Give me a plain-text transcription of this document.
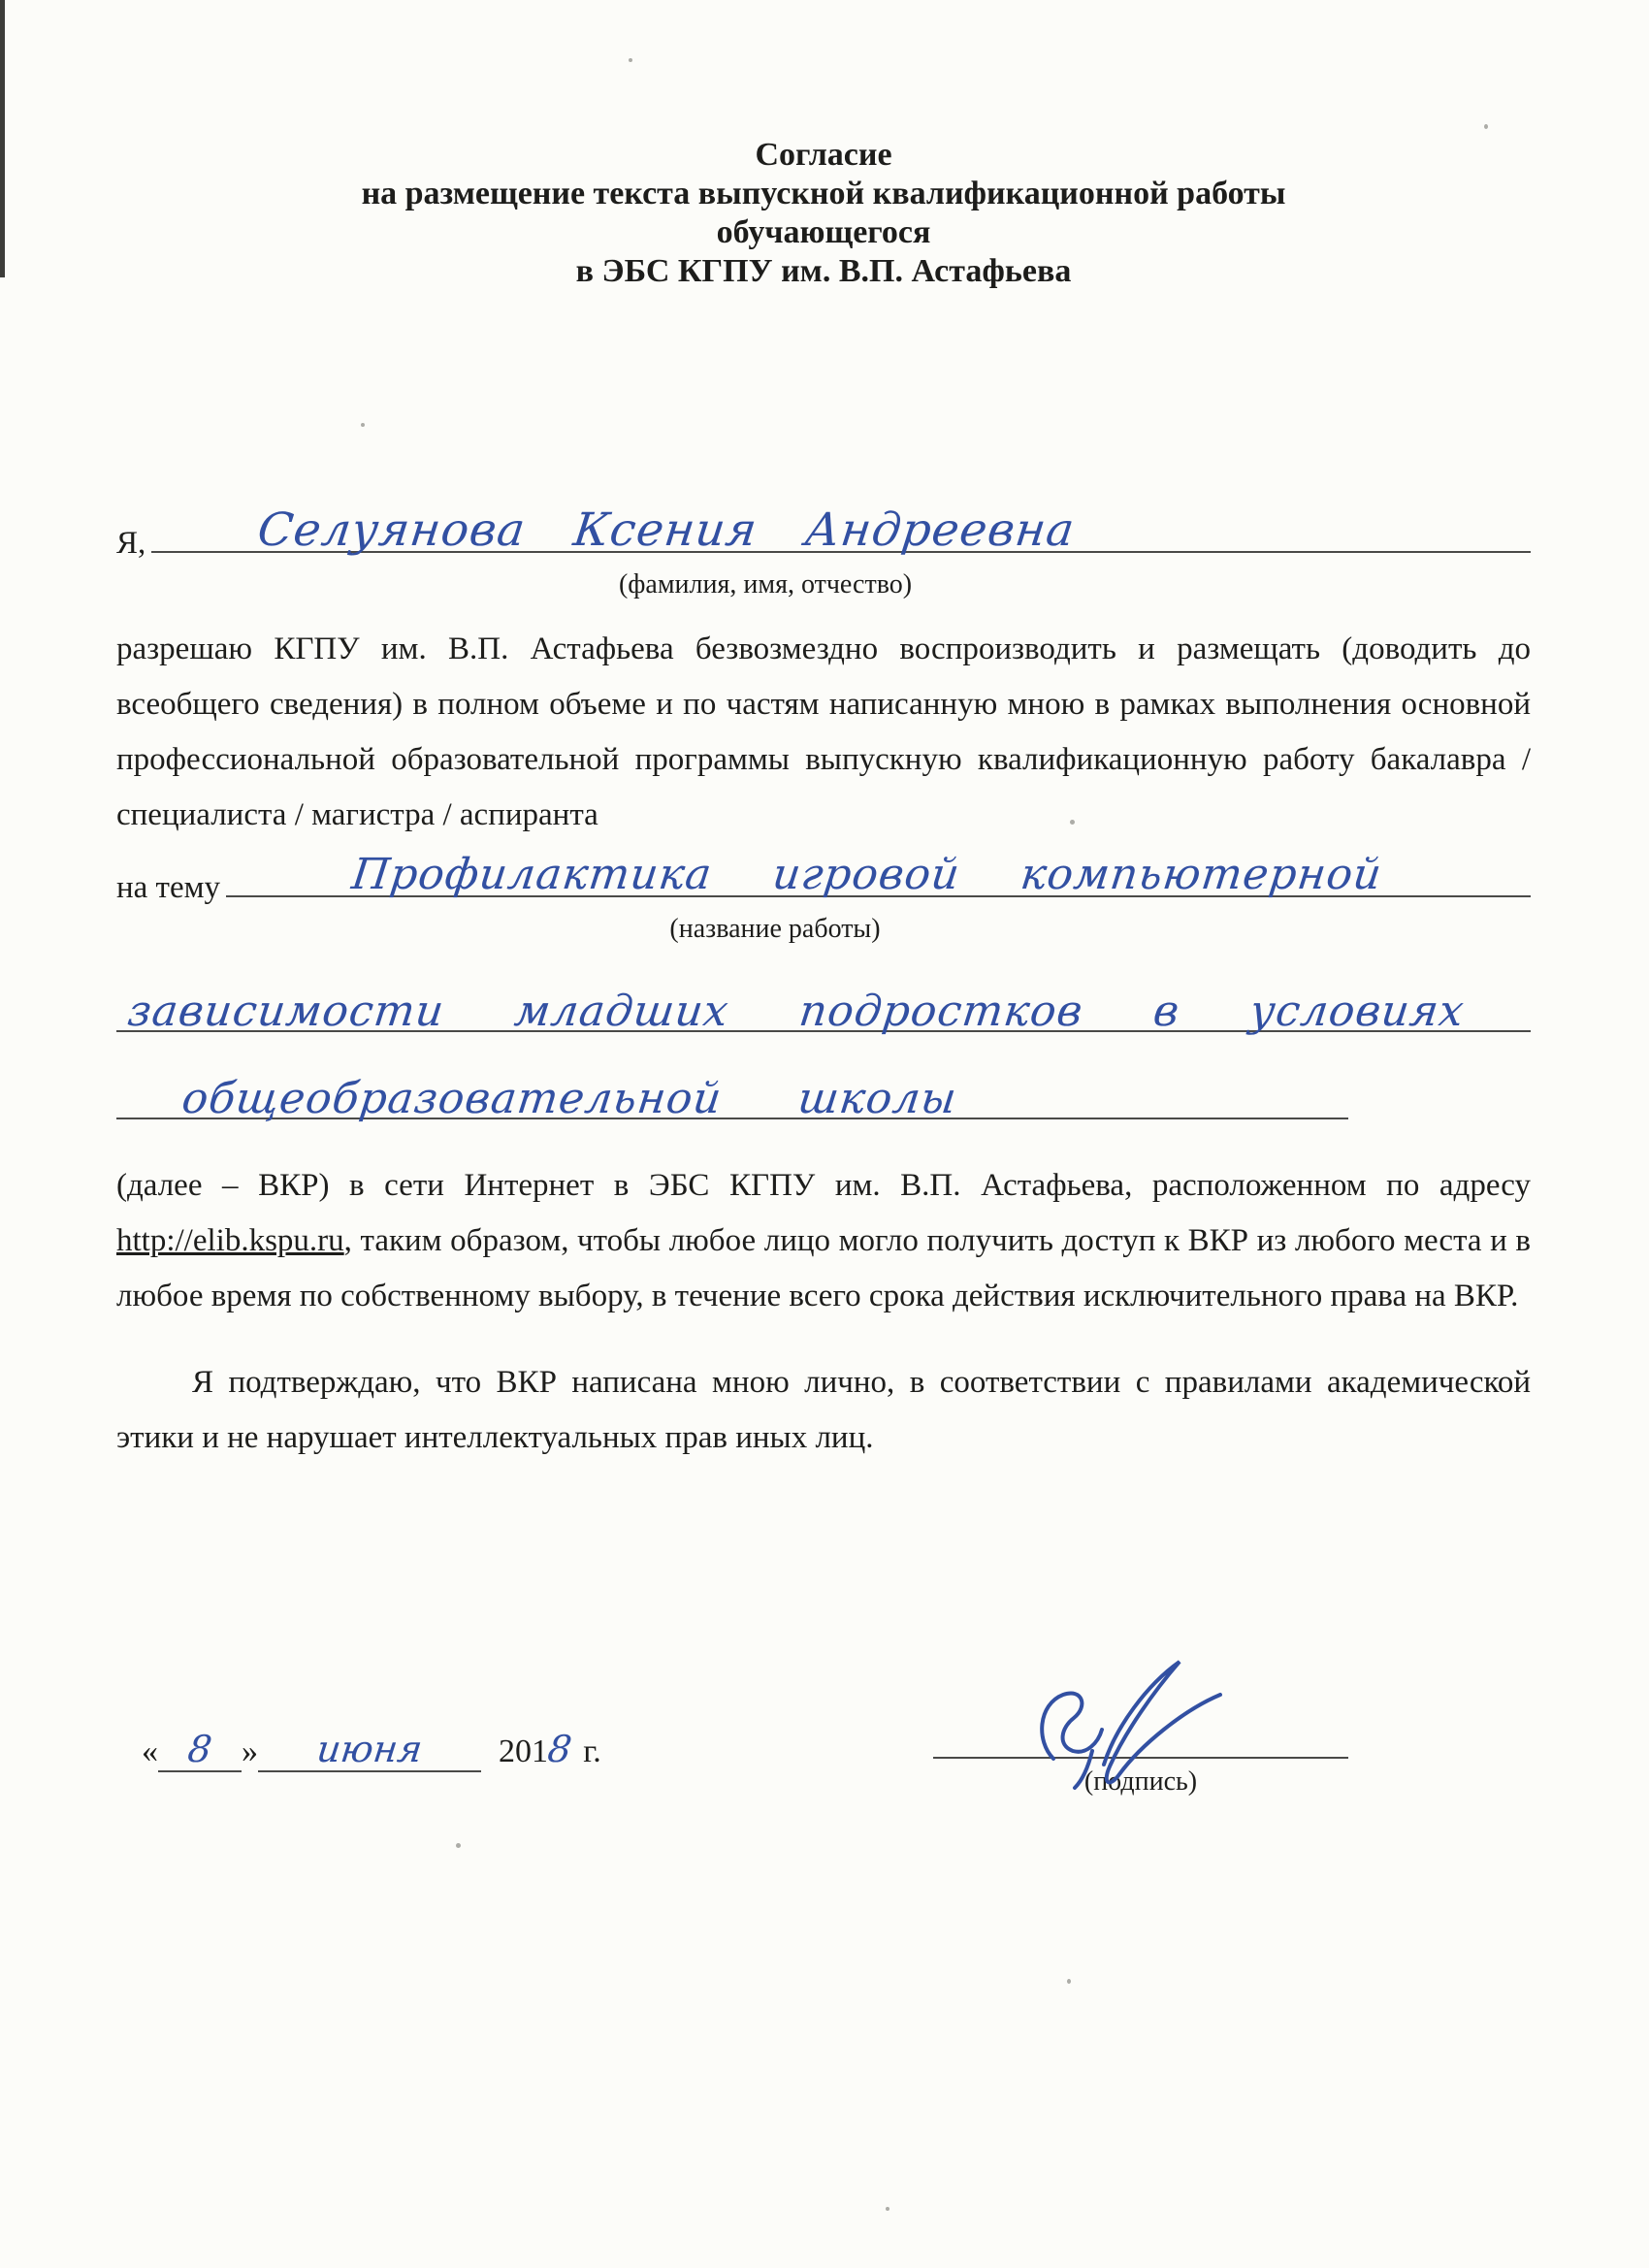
Согласие
на размещение текста выпускной квалификационной работы
обучающегося
в ЭБС КГПУ им. В.П. Астафьева
Я, Селуянова Ксения Андреевна
(фамилия, имя, отчество)
разрешаю КГПУ им. В.П. Астафьева безвозмездно воспроизводить и размещать (доводить до всеобщего сведения) в полном объеме и по частям написанную мною в рамках выполнения основной профессиональной образовательной программы выпускную квалификационную работу бакалавра / специалиста / магистра / аспиранта
на тему	Профилактика игровой компьютерной
(название работы)
зависимости младших подростков в условиях
общеобразовательной школы
(далее – ВКР) в сети Интернет в ЭБС КГПУ им. В.П. Астафьева, расположенном по адресу http://elib.kspu.ru, таким образом, чтобы любое лицо могло получить доступ к ВКР из любого места и в любое время по собственному выбору, в течение всего срока действия исключительного права на ВКР.
Я подтверждаю, что ВКР написана мною лично, в соответствии с правилами академической этики и не нарушает интеллектуальных прав иных лиц.
« 8 »	июня	201
8 г.
(подпись)
